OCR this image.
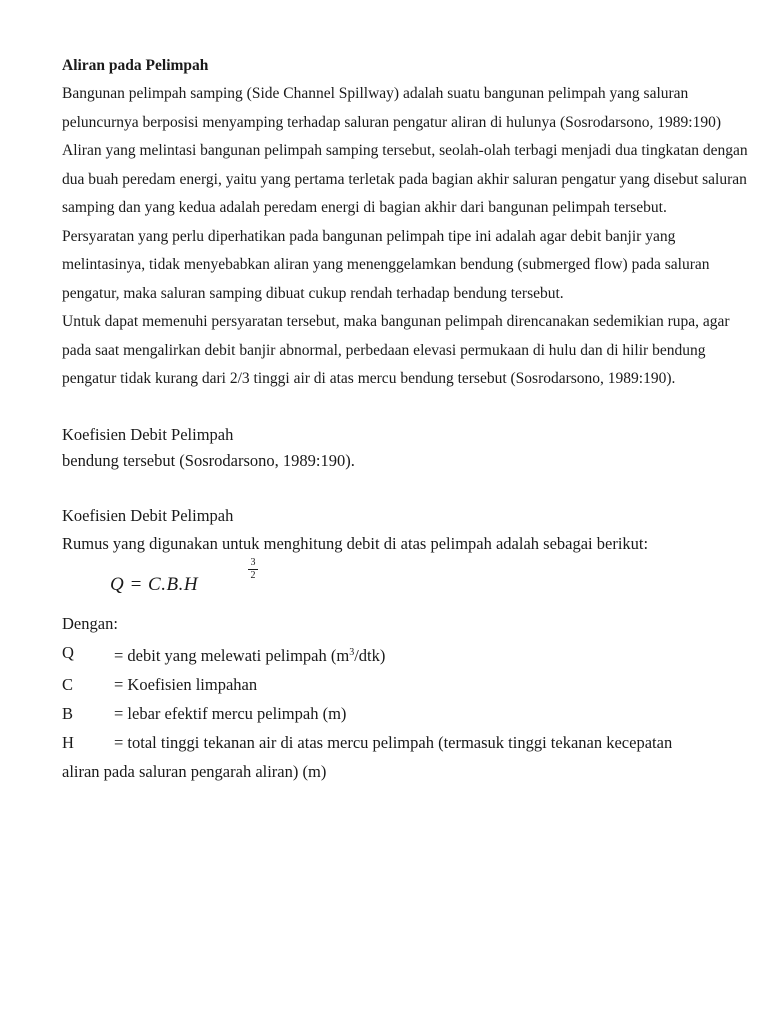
Aliran pada Pelimpah

Bangunan pelimpah samping (Side Channel Spillway) adalah suatu bangunan pelimpah yang saluran peluncurnya berposisi menyamping terhadap saluran pengatur aliran di hulunya (Sosrodarsono, 1989:190)

Aliran yang melintasi bangunan pelimpah samping tersebut, seolah-olah terbagi menjadi dua tingkatan dengan dua buah peredam energi, yaitu yang pertama terletak pada bagian akhir saluran pengatur yang disebut saluran samping dan yang kedua adalah peredam energi di bagian akhir dari bangunan pelimpah tersebut.

Persyaratan yang perlu diperhatikan pada bangunan pelimpah tipe ini adalah agar debit banjir yang melintasinya, tidak menyebabkan aliran yang menenggelamkan bendung (submerged flow) pada saluran pengatur, maka saluran samping dibuat cukup rendah terhadap bendung tersebut.

Untuk dapat memenuhi persyaratan tersebut, maka bangunan pelimpah direncanakan sedemikian rupa, agar pada saat mengalirkan debit banjir abnormal, perbedaan elevasi permukaan di hulu dan di hilir bendung pengatur tidak kurang dari 2/3 tinggi air di atas mercu bendung tersebut (Sosrodarsono, 1989:190).

Koefisien Debit Pelimpah

bendung tersebut (Sosrodarsono, 1989:190).

Koefisien Debit Pelimpah

Rumus yang digunakan untuk menghitung debit di atas pelimpah adalah sebagai berikut:

Q = C.B.H
3
2

Dengan:

Q	= debit yang melewati pelimpah $(m^3/dtk)$
C	= Koefisien limpahan
B	= lebar efektif mercu pelimpah (m)
H	= total tinggi tekanan air di atas mercu pelimpah (termasuk tinggi tekanan kecepatan
aliran pada saluran pengarah aliran) (m)
